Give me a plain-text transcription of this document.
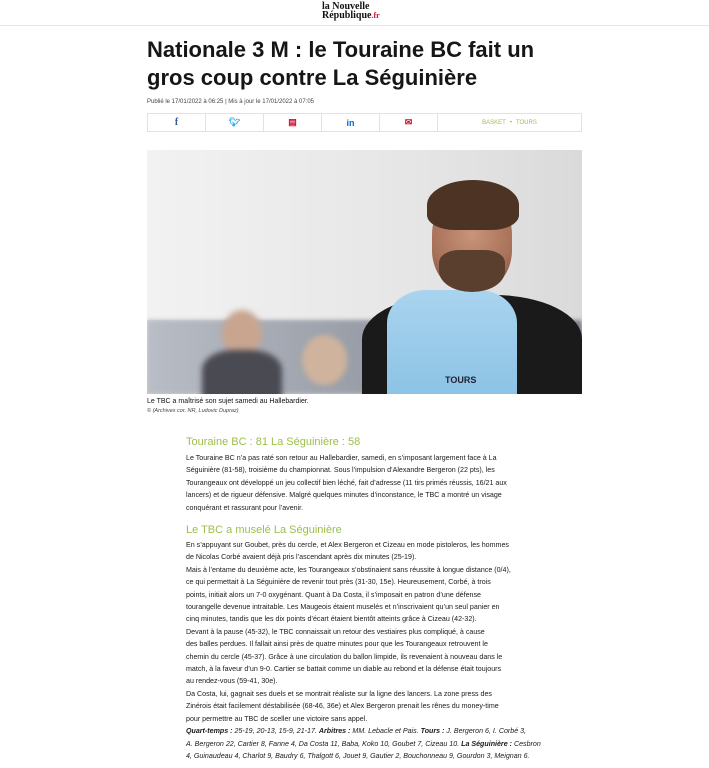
la Nouvelle
République.fr
Nationale 3 M : le Touraine BC fait un gros coup contre La Séguinière
Publié le 17/01/2022 à 06:25 | Mis à jour le 17/01/2022 à 07:05
f	🐦︎	▤	in	✉	BASKET • TOURS
TOURS
Le TBC a maîtrisé son sujet samedi au Hallebardier.
© (Archives cor. NR, Ludovic Dupraz)
Touraine BC : 81 La Séguinière : 58
Le Touraine BC n’a pas raté son retour au Hallebardier, samedi, en s’imposant largement face à La
Séguinière (81-58), troisième du championnat. Sous l’impulsion d’Alexandre Bergeron (22 pts), les
Tourangeaux ont développé un jeu collectif bien léché, fait d’adresse (11 tirs primés réussis, 16/21 aux
lancers) et de rigueur défensive. Malgré quelques minutes d’inconstance, le TBC a montré un visage
conquérant et rassurant pour l’avenir.
Le TBC a muselé La Séguinière
En s’appuyant sur Goubet, près du cercle, et Alex Bergeron et Cizeau en mode pistoleros, les hommes
de Nicolas Corbé avaient déjà pris l’ascendant après dix minutes (25-19).
Mais à l’entame du deuxième acte, les Tourangeaux s’obstinaient sans réussite à longue distance (0/4),
ce qui permettait à La Séguinière de revenir tout près (31-30, 15e). Heureusement, Corbé, à trois
points, initiait alors un 7-0 oxygénant. Quant à Da Costa, il s’imposait en patron d’une défense
tourangelle devenue intraitable. Les Maugeois étaient muselés et n’inscrivaient qu’un seul panier en
cinq minutes, tandis que les dix points d’écart étaient bientôt atteints grâce à Cizeau (42-32).
Devant à la pause (45-32), le TBC connaissait un retour des vestiaires plus compliqué, à cause
des balles perdues. Il fallait ainsi près de quatre minutes pour que les Tourangeaux retrouvent le
chemin du cercle (45-37). Grâce à une circulation du ballon limpide, ils revenaient à nouveau dans le
match, à la faveur d’un 9-0. Cartier se battait comme un diable au rebond et la défense était toujours
au rendez-vous (59-41, 30e).
Da Costa, lui, gagnait ses duels et se montrait réaliste sur la ligne des lancers. La zone press des
Zinérois était facilement déstabilisée (68-46, 36e) et Alex Bergeron prenait les rênes du money-time
pour permettre au TBC de sceller une victoire sans appel.
Quart-temps : 25-19, 20-13, 15-9, 21-17. Arbitres : MM. Lebacle et Pais. Tours : J. Bergeron 6, I. Corbé 3,
A. Bergeron 22, Cartier 8, Fanne 4, Da Costa 11, Baba, Koko 10, Goubet 7, Cizeau 10. La Séguinière : Cesbron
4, Guinaudeau 4, Charlot 9, Baudry 6, Thalgott 6, Jouet 9, Gautier 2, Bouchonneau 9, Gourdon 3, Meignan 6.
